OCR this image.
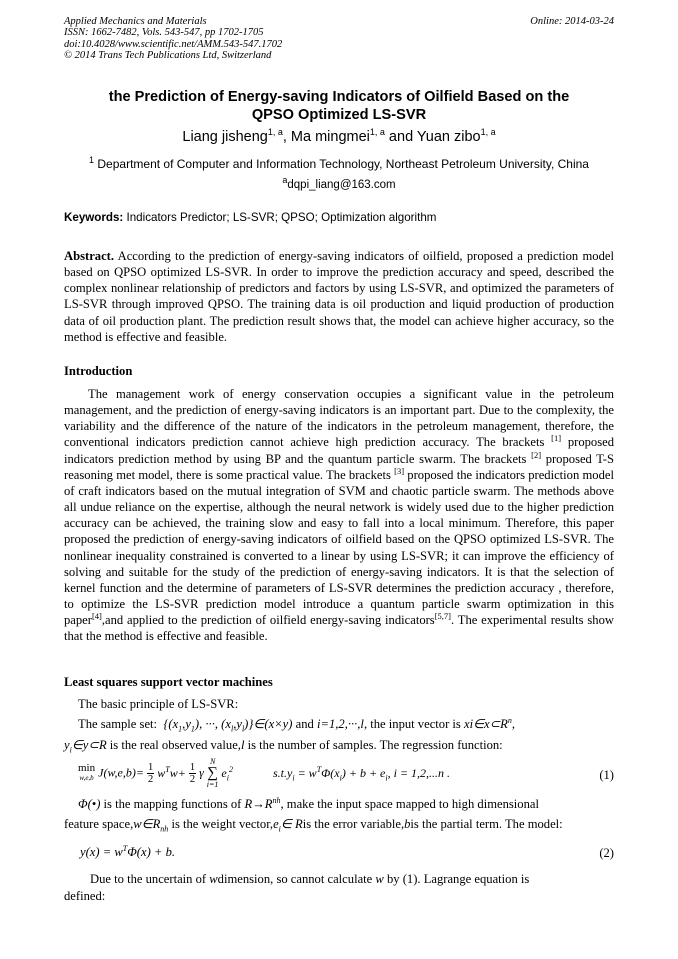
Applied Mechanics and Materials
ISSN: 1662-7482, Vols. 543-547, pp 1702-1705
doi:10.4028/www.scientific.net/AMM.543-547.1702
© 2014 Trans Tech Publications Ltd, Switzerland
Online: 2014-03-24
the Prediction of Energy-saving Indicators of Oilfield Based on the
QPSO Optimized LS-SVR
Liang jisheng$^{1, a}$, Ma mingmei$^{1, a}$ and Yuan zibo$^{1, a}$
$^1$ Department of Computer and Information Technology, Northeast Petroleum University, China
$^a$dqpi_liang@163.com
Keywords: Indicators Predictor; LS-SVR; QPSO; Optimization algorithm
Abstract. According to the prediction of energy-saving indicators of oilfield, proposed a prediction model based on QPSO optimized LS-SVR. In order to improve the prediction accuracy and speed, described the complex nonlinear relationship of predictors and factors by using LS-SVR, and optimized the parameters of LS-SVR through improved QPSO. The training data is oil production and liquid production of production data of oil production plant. The prediction result shows that, the model can achieve higher accuracy, so the method is effective and feasible.
Introduction
The management work of energy conservation occupies a significant value in the petroleum management, and the prediction of energy-saving indicators is an important part. Due to the complexity, the variability and the difference of the nature of the indicators in the petroleum management, therefore, the conventional indicators prediction cannot achieve high prediction accuracy. The brackets [1] proposed indicators prediction method by using BP and the quantum particle swarm. The brackets [2] proposed T-S reasoning met model, there is some practical value. The brackets [3] proposed the indicators prediction model of craft indicators based on the mutual integration of SVM and chaotic particle swarm. The methods above all undue reliance on the expertise, although the neural network is widely used due to the higher prediction accuracy can be achieved, the training slow and easy to fall into a local minimum. Therefore, this paper proposed the prediction of energy-saving indicators of oilfield based on the QPSO optimized LS-SVR. The nonlinear inequality constrained is converted to a linear by using LS-SVR; it can improve the efficiency of solving and suitable for the study of the prediction of energy-saving indicators. It is that the selection of kernel function and the determine of parameters of LS-SVR determines the prediction accuracy , therefore, to optimize the LS-SVR prediction model introduce a quantum particle swarm optimization in this paper[4],and applied to the prediction of oilfield energy-saving indicators[5,7]. The experimental results show that the method is effective and feasible.
Least squares support vector machines
The basic principle of LS-SVR:
The sample set:  {$(x_1,y_1)$, ···, $(x_l,y_l)\}\in(x\times y)$ and i=1,2,···,l, the input vector is $xi\in x\subset R^n$,
$y_i\in y\subset R$ is the real observed value,l is the number of samples. The regression function:
min
w,e,b $J(w,e,b)= \frac{1}{2} w^Tw+ \frac{1}{2}$ γ N
∑
i=1 $e_i^2$	$s.t.y_i = w^T\Phi(x_i) + b + e_i$, i = 1,2,...n .	(1)
Φ(•) is the mapping functions of $R\to R^{nh}$, make the input space mapped to high dimensional
feature $space,w\in R_{nh}$ is the weight $vector,e_i\in$ Ris the error variable,bis the partial term. The model:
$y(x) = w^T\Phi(x) + b$.	(2)
Due to the uncertain of wdimension, so cannot calculate w by (1). Lagrange equation is
defined:
